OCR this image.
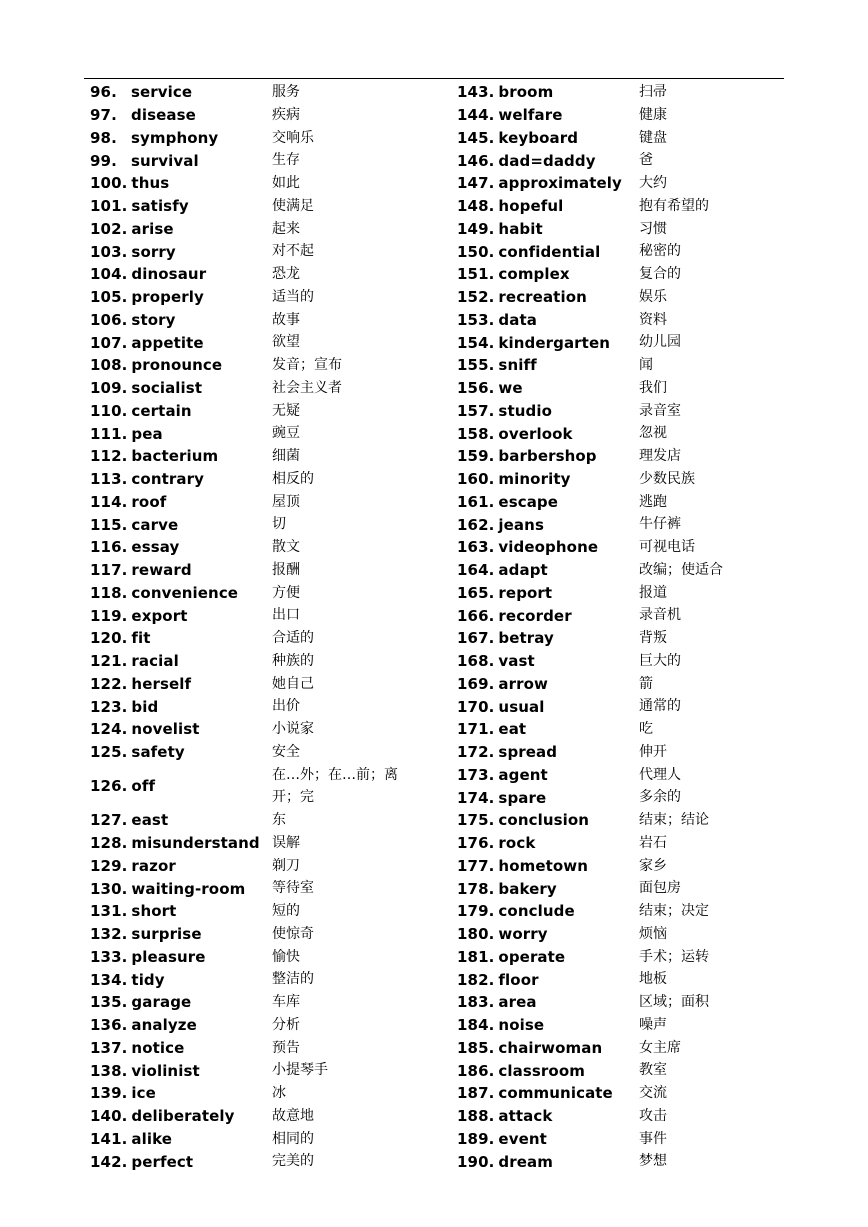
96. service	服务
97. disease	疾病
98. symphony	交响乐
99. survival	生存
100. thus	如此
101. satisfy	使满足
102. arise	起来
103. sorry	对不起
104. dinosaur	恐龙
105. properly	适当的
106. story	故事
107. appetite	欲望
108. pronounce	发音；宣布
109. socialist	社会主义者
110. certain	无疑
111. pea	豌豆
112. bacterium	细菌
113. contrary	相反的
114. roof	屋顶
115. carve	切
116. essay	散文
117. reward	报酬
118. convenience	方便
119. export	出口
120. fit	合适的
121. racial	种族的
122. herself	她自己
123. bid	出价
124. novelist	小说家
125. safety	安全
126. off
在…外；在…前；离开；完
127. east	东
128. misunderstand 误解
129. razor	剃刀
130. waiting-room	等待室
131. short	短的
132. surprise	使惊奇
133. pleasure	愉快
134. tidy	整洁的
135. garage	车库
136. analyze	分析
137. notice	预告
138. violinist	小提琴手
139. ice	冰
140. deliberately	故意地
141. alike	相同的
142. perfect	完美的
143. broom	扫帚
144. welfare	健康
145. keyboard	键盘
146. dad=daddy	爸
147. approximately	大约
148. hopeful	抱有希望的
149. habit	习惯
150. confidential	秘密的
151. complex	复合的
152. recreation	娱乐
153. data	资料
154. kindergarten	幼儿园
155. sniff	闻
156. we	我们
157. studio	录音室
158. overlook	忽视
159. barbershop	理发店
160. minority	少数民族
161. escape	逃跑
162. jeans	牛仔裤
163. videophone	可视电话
164. adapt	改编；使适合
165. report	报道
166. recorder	录音机
167. betray	背叛
168. vast	巨大的
169. arrow	箭
170. usual	通常的
171. eat	吃
172. spread	伸开
173. agent	代理人
174. spare	多余的
175. conclusion	结束；结论
176. rock	岩石
177. hometown	家乡
178. bakery	面包房
179. conclude	结束；决定
180. worry	烦恼
181. operate	手术；运转
182. floor	地板
183. area	区域；面积
184. noise	噪声
185. chairwoman	女主席
186. classroom	教室
187. communicate	交流
188. attack	攻击
189. event	事件
190. dream	梦想
